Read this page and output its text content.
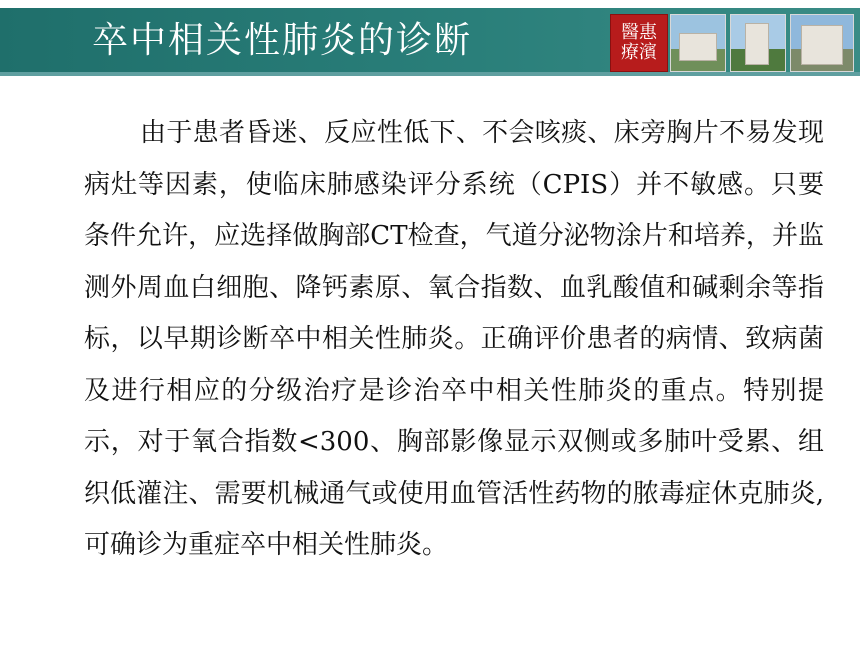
卒中相关性肺炎的诊断	醫惠療濱
由于患者昏迷、反应性低下、不会咳痰、床旁胸片不易发现病灶等因素，使临床肺感染评分系统（CPIS）并不敏感。只要条件允许，应选择做胸部CT检查，气道分泌物涂片和培养，并监测外周血白细胞、降钙素原、氧合指数、血乳酸值和碱剩余等指标，以早期诊断卒中相关性肺炎。正确评价患者的病情、致病菌及进行相应的分级治疗是诊治卒中相关性肺炎的重点。特别提示，对于氧合指数<300、胸部影像显示双侧或多肺叶受累、组织低灌注、需要机械通气或使用血管活性药物的脓毒症休克肺炎,可确诊为重症卒中相关性肺炎。
